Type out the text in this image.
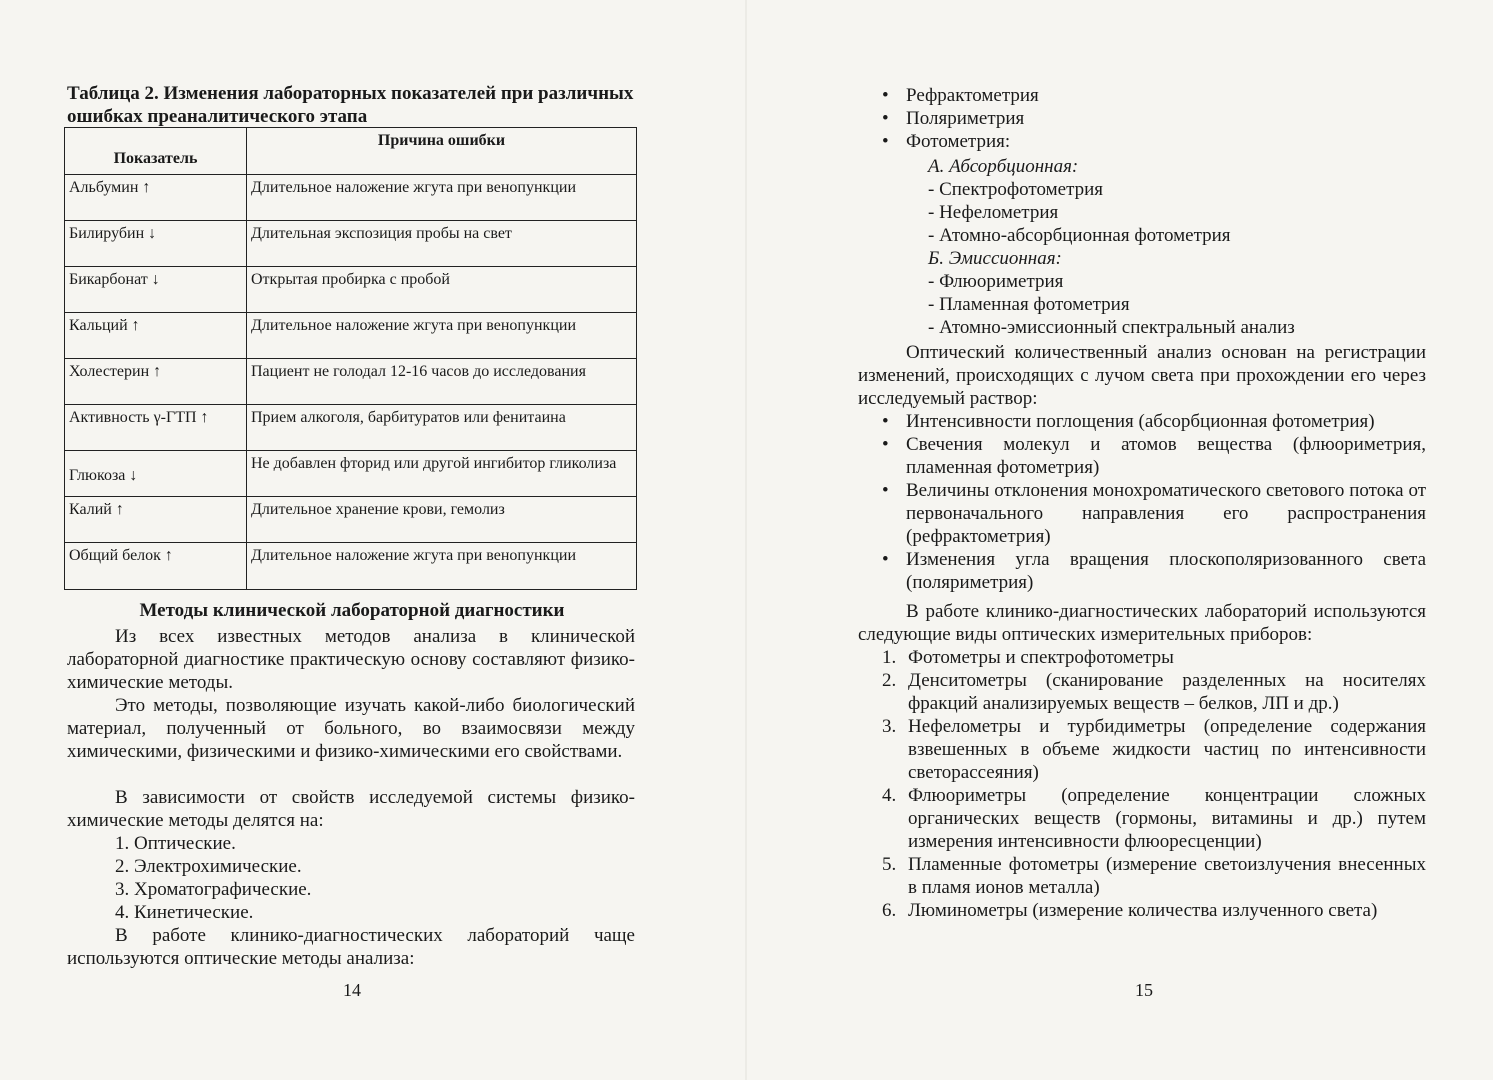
Таблица 2. Изменения лабораторных показателей при различных ошибках преаналитического этапа

Показатель	Причина ошибки
Альбумин ↑	Длительное наложение жгута при венопункции
Билирубин ↓	Длительная экспозиция пробы на свет
Бикарбонат ↓	Открытая пробирка с пробой
Кальций ↑	Длительное наложение жгута при венопункции
Холестерин ↑	Пациент не голодал 12-16 часов до исследования
Активность γ-ГТП ↑	Прием алкоголя, барбитуратов или фенитаина
Глюкоза ↓	Не добавлен фторид или другой ингибитор гликолиза
Калий ↑	Длительное хранение крови, гемолиз
Общий белок ↑	Длительное наложение жгута при венопункции

Методы клинической лабораторной диагностики

Из всех известных методов анализа в клинической лабораторной диагностике практическую основу составляют физико-химические методы.

Это методы, позволяющие изучать какой-либо биологический материал, полученный от больного, во взаимосвязи между химическими, физическими и физико-химическими его свойствами.

В зависимости от свойств исследуемой системы физико-химические методы делятся на:

1. Оптические.
2. Электрохимические.
3. Хроматографические.
4. Кинетические.

В работе клинико-диагностических лабораторий чаще используются оптические методы анализа:

14
• Рефрактометрия
• Поляриметрия
• Фотометрия:
А. Абсорбционная:
- Спектрофотометрия
- Нефелометрия
- Атомно-абсорбционная фотометрия
Б. Эмиссионная:
- Флюориметрия
- Пламенная фотометрия
- Атомно-эмиссионный спектральный анализ

Оптический количественный анализ основан на регистрации изменений, происходящих с лучом света при прохождении его через исследуемый раствор:

• Интенсивности поглощения (абсорбционная фотометрия)
• Свечения молекул и атомов вещества (флюориметрия, пламенная фотометрия)
• Величины отклонения монохроматического светового потока от первоначального направления его распространения (рефрактометрия)
• Изменения угла вращения плоскополяризованного света (поляриметрия)

В работе клинико-диагностических лабораторий используются следующие виды оптических измерительных приборов:

1. Фотометры и спектрофотометры
2. Денситометры (сканирование разделенных на носителях фракций анализируемых веществ – белков, ЛП и др.)
3. Нефелометры и турбидиметры (определение содержания взвешенных в объеме жидкости частиц по интенсивности светорассеяния)
4. Флюориметры (определение концентрации сложных органических веществ (гормоны, витамины и др.) путем измерения интенсивности флюоресценции)
5. Пламенные фотометры (измерение светоизлучения внесенных в пламя ионов металла)
6. Люминометры (измерение количества излученного света)
15
